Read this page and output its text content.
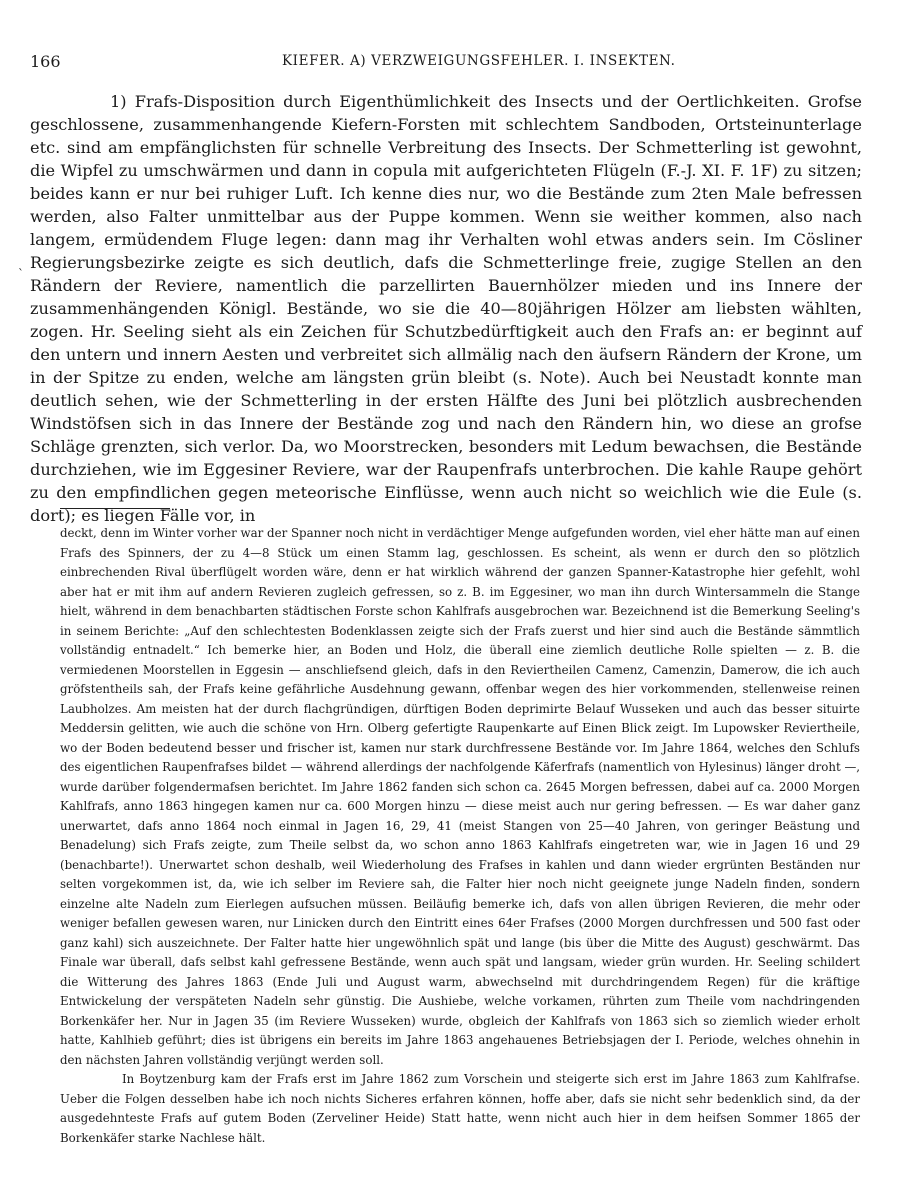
166	KIEFER. A) VERZWEIGUNGSFEHLER. I. INSEKTEN.
`

1) Frafs-Disposition durch Eigenthümlichkeit des Insects und der Oertlichkeiten. Grofse geschlossene, zusammenhangende Kiefern-Forsten mit schlechtem Sandboden, Ortsteinunterlage etc. sind am empfänglichsten für schnelle Verbreitung des Insects. Der Schmetterling ist gewohnt, die Wipfel zu umschwärmen und dann in copula mit aufgerichteten Flügeln (F.-J. XI. F. 1F) zu sitzen; beides kann er nur bei ruhiger Luft. Ich kenne dies nur, wo die Bestände zum 2ten Male befressen werden, also Falter unmittelbar aus der Puppe kommen. Wenn sie weither kommen, also nach langem, ermüdendem Fluge legen: dann mag ihr Verhalten wohl etwas anders sein. Im Cösliner Regierungsbezirke zeigte es sich deutlich, dafs die Schmetterlinge freie, zugige Stellen an den Rändern der Reviere, namentlich die parzellirten Bauernhölzer mieden und ins Innere der zusammenhängenden Königl. Bestände, wo sie die 40—80jährigen Hölzer am liebsten wählten, zogen. Hr. Seeling sieht als ein Zeichen für Schutzbedürftigkeit auch den Frafs an: er beginnt auf den untern und innern Aesten und verbreitet sich allmälig nach den äufsern Rändern der Krone, um in der Spitze zu enden, welche am längsten grün bleibt (s. Note). Auch bei Neustadt konnte man deutlich sehen, wie der Schmetterling in der ersten Hälfte des Juni bei plötzlich ausbrechenden Windstöfsen sich in das Innere der Bestände zog und nach den Rändern hin, wo diese an grofse Schläge grenzten, sich verlor. Da, wo Moorstrecken, besonders mit Ledum bewachsen, die Bestände durchziehen, wie im Eggesiner Reviere, war der Raupenfrafs unterbrochen. Die kahle Raupe gehört zu den empfindlichen gegen meteorische Einflüsse, wenn auch nicht so weichlich wie die Eule (s. dort); es liegen Fälle vor, in

deckt, denn im Winter vorher war der Spanner noch nicht in verdächtiger Menge aufgefunden worden, viel eher hätte man auf einen Frafs des Spinners, der zu 4—8 Stück um einen Stamm lag, geschlossen. Es scheint, als wenn er durch den so plötzlich einbrechenden Rival überflügelt worden wäre, denn er hat wirklich während der ganzen Spanner-Katastrophe hier gefehlt, wohl aber hat er mit ihm auf andern Revieren zugleich gefressen, so z. B. im Eggesiner, wo man ihn durch Wintersammeln die Stange hielt, während in dem benachbarten städtischen Forste schon Kahlfrafs ausgebrochen war. Bezeichnend ist die Bemerkung Seeling's in seinem Berichte: „Auf den schlechtesten Bodenklassen zeigte sich der Frafs zuerst und hier sind auch die Bestände sämmtlich vollständig entnadelt.“ Ich bemerke hier, an Boden und Holz, die überall eine ziemlich deutliche Rolle spielten — z. B. die vermiedenen Moorstellen in Eggesin — anschliefsend gleich, dafs in den Reviertheilen Camenz, Camenzin, Damerow, die ich auch gröfstentheils sah, der Frafs keine gefährliche Ausdehnung gewann, offenbar wegen des hier vorkommenden, stellenweise reinen Laubholzes. Am meisten hat der durch flachgründigen, dürftigen Boden deprimirte Belauf Wusseken und auch das besser situirte Meddersin gelitten, wie auch die schöne von Hrn. Olberg gefertigte Raupenkarte auf Einen Blick zeigt. Im Lupowsker Reviertheile, wo der Boden bedeutend besser und frischer ist, kamen nur stark durchfressene Bestände vor. Im Jahre 1864, welches den Schlufs des eigentlichen Raupenfrafses bildet — während allerdings der nachfolgende Käferfrafs (namentlich von Hylesinus) länger droht —, wurde darüber folgendermafsen berichtet. Im Jahre 1862 fanden sich schon ca. 2645 Morgen befressen, dabei auf ca. 2000 Morgen Kahlfrafs, anno 1863 hingegen kamen nur ca. 600 Morgen hinzu — diese meist auch nur gering befressen. — Es war daher ganz unerwartet, dafs anno 1864 noch einmal in Jagen 16, 29, 41 (meist Stangen von 25—40 Jahren, von geringer Beästung und Benadelung) sich Frafs zeigte, zum Theile selbst da, wo schon anno 1863 Kahlfrafs eingetreten war, wie in Jagen 16 und 29 (benachbarte!). Unerwartet schon deshalb, weil Wiederholung des Frafses in kahlen und dann wieder ergrünten Beständen nur selten vorgekommen ist, da, wie ich selber im Reviere sah, die Falter hier noch nicht geeignete junge Nadeln finden, sondern einzelne alte Nadeln zum Eierlegen aufsuchen müssen. Beiläufig bemerke ich, dafs von allen übrigen Revieren, die mehr oder weniger befallen gewesen waren, nur Linicken durch den Eintritt eines 64er Frafses (2000 Morgen durchfressen und 500 fast oder ganz kahl) sich auszeichnete. Der Falter hatte hier ungewöhnlich spät und lange (bis über die Mitte des August) geschwärmt. Das Finale war überall, dafs selbst kahl gefressene Bestände, wenn auch spät und langsam, wieder grün wurden. Hr. Seeling schildert die Witterung des Jahres 1863 (Ende Juli und August warm, abwechselnd mit durchdringendem Regen) für die kräftige Entwickelung der verspäteten Nadeln sehr günstig. Die Aushiebe, welche vorkamen, rührten zum Theile vom nachdringenden Borkenkäfer her. Nur in Jagen 35 (im Reviere Wusseken) wurde, obgleich der Kahlfrafs von 1863 sich so ziemlich wieder erholt hatte, Kahlhieb geführt; dies ist übrigens ein bereits im Jahre 1863 angehauenes Betriebsjagen der I. Periode, welches ohnehin in den nächsten Jahren vollständig verjüngt werden soll.

In Boytzenburg kam der Frafs erst im Jahre 1862 zum Vorschein und steigerte sich erst im Jahre 1863 zum Kahlfrafse. Ueber die Folgen desselben habe ich noch nichts Sicheres erfahren können, hoffe aber, dafs sie nicht sehr bedenklich sind, da der ausgedehnteste Frafs auf gutem Boden (Zerveliner Heide) Statt hatte, wenn nicht auch hier in dem heifsen Sommer 1865 der Borkenkäfer starke Nachlese hält.
